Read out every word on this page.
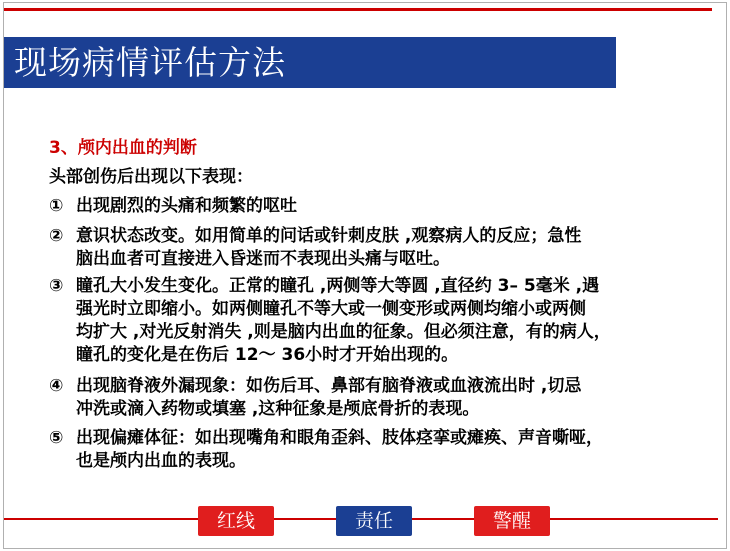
现场病情评估方法

3、颅内出血的判断

头部创伤后出现以下表现：

① 出现剧烈的头痛和频繁的呕吐
② 意识状态改变。如用简单的问话或针刺皮肤 ,观察病人的反应；急性
脑出血者可直接进入昏迷而不表现出头痛与呕吐。
③ 瞳孔大小发生变化。正常的瞳孔 ,两侧等大等圆 ,直径约 3– 5毫米 ,遇
强光时立即缩小。如两侧瞳孔不等大或一侧变形或两侧均缩小或两侧
均扩大 ,对光反射消失 ,则是脑内出血的征象。但必须注意，有的病人，
瞳孔的变化是在伤后 12～ 36小时才开始出现的。
④ 出现脑脊液外漏现象：如伤后耳、鼻部有脑脊液或血液流出时 ,切忌
冲洗或滴入药物或填塞 ,这种征象是颅底骨折的表现。
⑤ 出现偏瘫体征：如出现嘴角和眼角歪斜、肢体痉挛或瘫痪、声音嘶哑，
也是颅内出血的表现。
红线	责任	警醒
